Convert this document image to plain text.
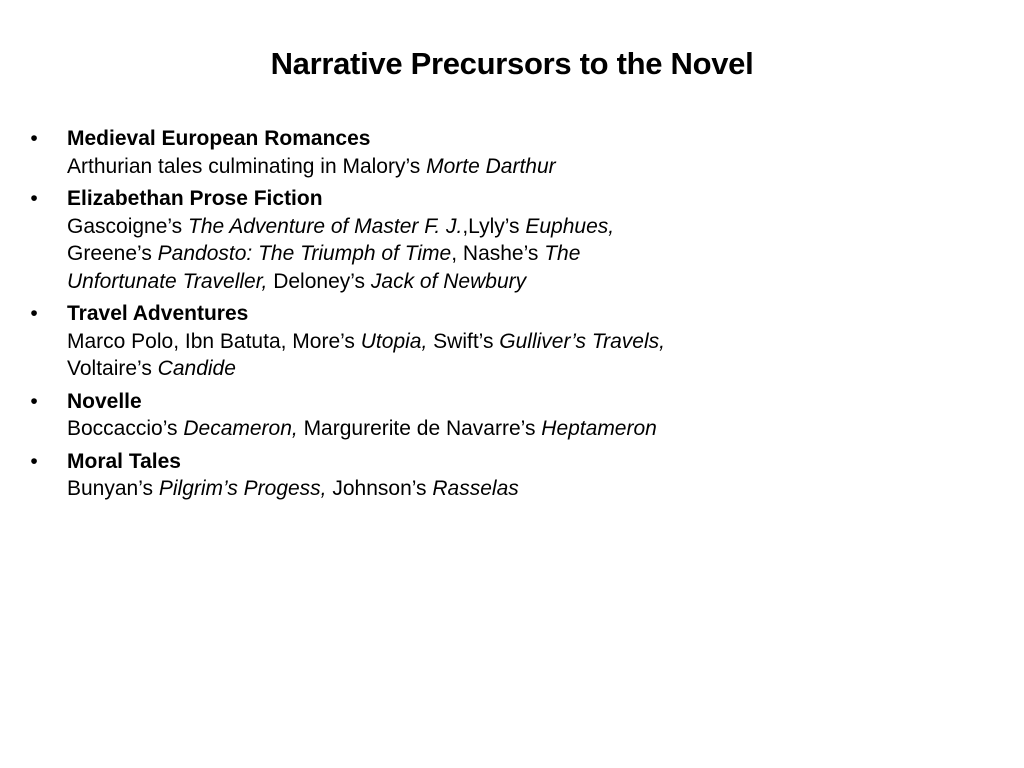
Narrative Precursors to the Novel
• Medieval European Romances
Arthurian tales culminating in Malory’s Morte Darthur
• Elizabethan Prose Fiction
Gascoigne’s The Adventure of Master F. J.,Lyly’s Euphues, Greene’s Pandosto: The Triumph of Time, Nashe’s The Unfortunate Traveller, Deloney’s Jack of Newbury
• Travel Adventures
Marco Polo, Ibn Batuta, More’s Utopia, Swift’s Gulliver’s Travels, Voltaire’s Candide
• Novelle
Boccaccio’s Decameron, Margurerite de Navarre’s Heptameron
• Moral Tales
Bunyan’s Pilgrim’s Progess, Johnson’s Rasselas
